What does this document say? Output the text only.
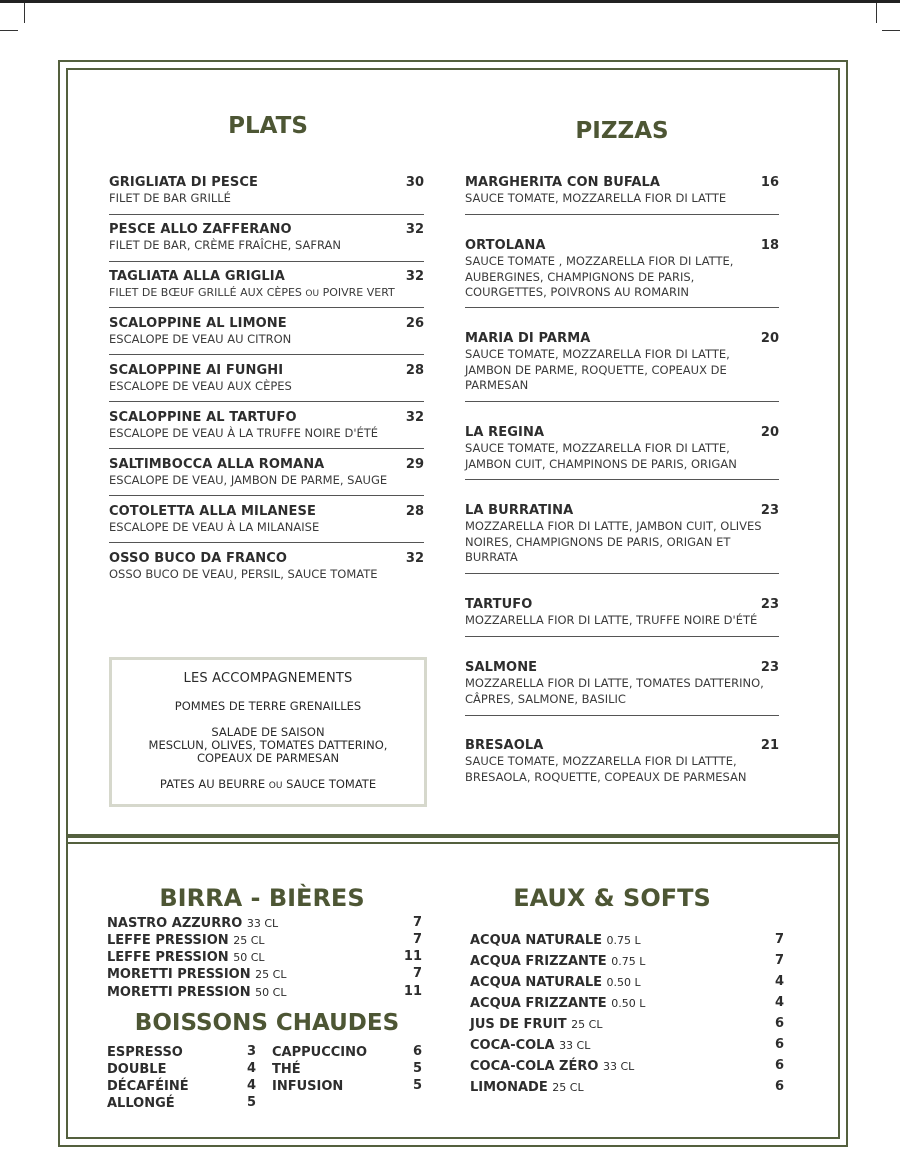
PLATS
GRIGLIATA DI PESCE	30
FILET DE BAR GRILLÉ
PESCE ALLO ZAFFERANO	32
FILET DE BAR, CRÈME FRAÎCHE, SAFRAN
TAGLIATA ALLA GRIGLIA	32
FILET DE BŒUF GRILLÉ AUX CÈPES OU POIVRE VERT
SCALOPPINE AL LIMONE	26
ESCALOPE DE VEAU AU CITRON
SCALOPPINE AI FUNGHI	28
ESCALOPE DE VEAU AUX CÈPES
SCALOPPINE AL TARTUFO	32
ESCALOPE DE VEAU À LA TRUFFE NOIRE D'ÉTÉ
SALTIMBOCCA ALLA ROMANA	29
ESCALOPE DE VEAU, JAMBON DE PARME, SAUGE
COTOLETTA ALLA MILANESE	28
ESCALOPE DE VEAU À LA MILANAISE
OSSO BUCO DA FRANCO	32
OSSO BUCO DE VEAU, PERSIL, SAUCE TOMATE
LES ACCOMPAGNEMENTS
POMMES DE TERRE GRENAILLES
SALADE DE SAISON
MESCLUN, OLIVES, TOMATES DATTERINO,
COPEAUX DE PARMESAN
PATES AU BEURRE OU SAUCE TOMATE
PIZZAS
MARGHERITA CON BUFALA	16
SAUCE TOMATE, MOZZARELLA FIOR DI LATTE
ORTOLANA	18
SAUCE TOMATE , MOZZARELLA FIOR DI LATTE,
AUBERGINES, CHAMPIGNONS DE PARIS,
COURGETTES, POIVRONS AU ROMARIN
MARIA DI PARMA	20
SAUCE TOMATE, MOZZARELLA FIOR DI LATTE,
JAMBON DE PARME, ROQUETTE, COPEAUX DE
PARMESAN
LA REGINA	20
SAUCE TOMATE, MOZZARELLA FIOR DI LATTE,
JAMBON CUIT, CHAMPINONS DE PARIS, ORIGAN
LA BURRATINA	23
MOZZARELLA FIOR DI LATTE, JAMBON CUIT, OLIVES
NOIRES, CHAMPIGNONS DE PARIS, ORIGAN ET
BURRATA
TARTUFO	23
MOZZARELLA FIOR DI LATTE, TRUFFE NOIRE D'ÉTÉ
SALMONE	23
MOZZARELLA FIOR DI LATTE, TOMATES DATTERINO,
CÂPRES, SALMONE, BASILIC
BRESAOLA	21
SAUCE TOMATE, MOZZARELLA FIOR DI LATTTE,
BRESAOLA, ROQUETTE, COPEAUX DE PARMESAN
BIRRA - BIÈRES
NASTRO AZZURRO 33 CL	7
LEFFE PRESSION 25 CL	7
LEFFE PRESSION 50 CL	11
MORETTI PRESSION 25 CL	7
MORETTI PRESSION 50 CL	11
BOISSONS CHAUDES
ESPRESSO	3
DOUBLE	4
DÉCAFÉINÉ	4
ALLONGÉ	5
CAPPUCCINO	6
THÉ	5
INFUSION	5
EAUX & SOFTS
ACQUA NATURALE 0.75 L	7
ACQUA FRIZZANTE 0.75 L	7
ACQUA NATURALE 0.50 L	4
ACQUA FRIZZANTE 0.50 L	4
JUS DE FRUIT 25 CL	6
COCA-COLA 33 CL	6
COCA-COLA ZÉRO 33 CL	6
LIMONADE 25 CL	6
